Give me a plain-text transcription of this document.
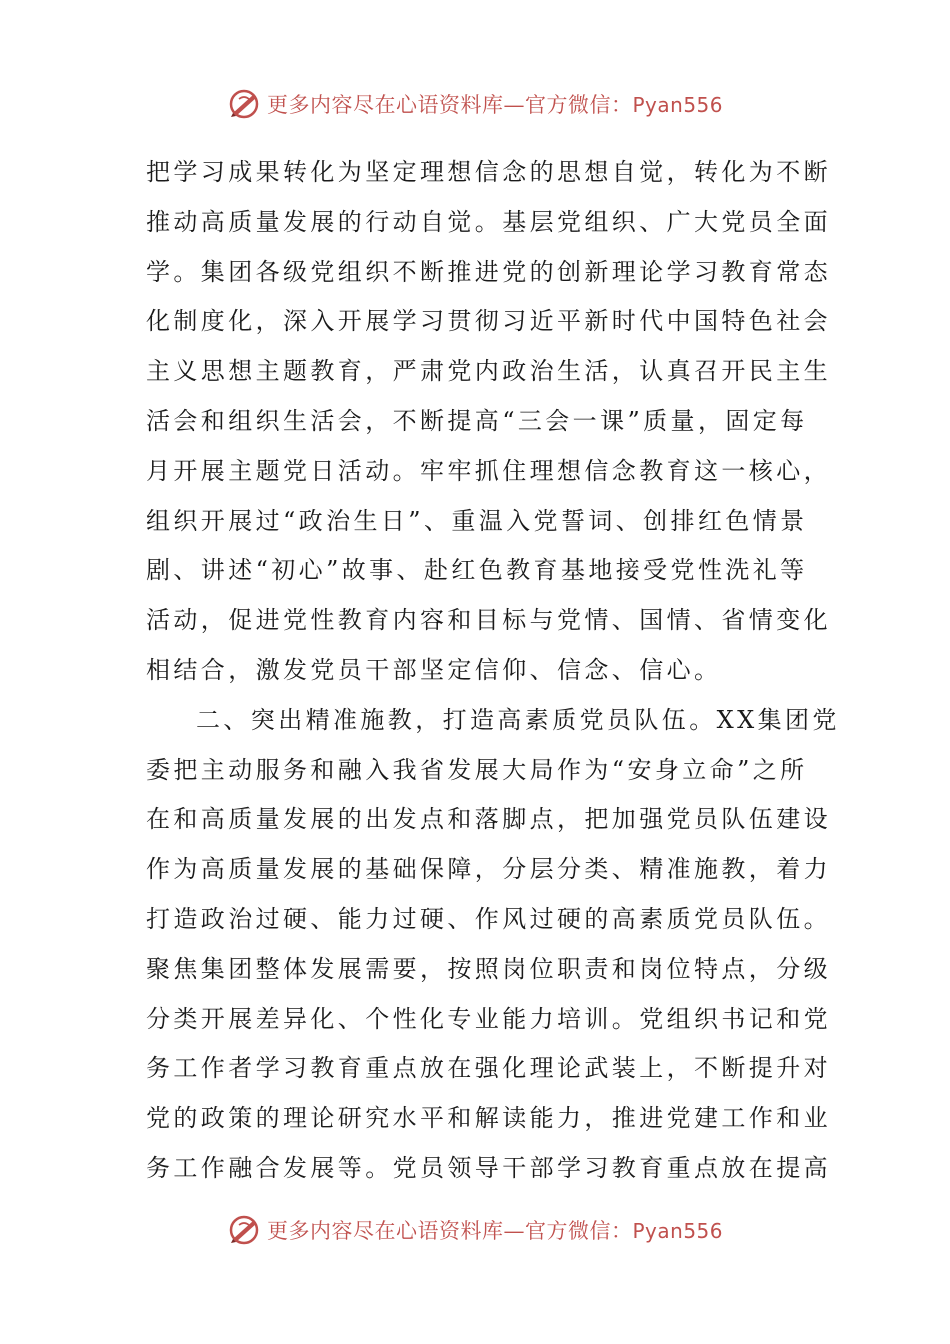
更多内容尽在心语资料库—官方微信：Pyan556
把学习成果转化为坚定理想信念的思想自觉，转化为不断
推动高质量发展的行动自觉。基层党组织、广大党员全面
学。集团各级党组织不断推进党的创新理论学习教育常态
化制度化，深入开展学习贯彻习近平新时代中国特色社会
主义思想主题教育，严肃党内政治生活，认真召开民主生
活会和组织生活会，不断提高“三会一课”质量，固定每
月开展主题党日活动。牢牢抓住理想信念教育这一核心，
组织开展过“政治生日”、重温入党誓词、创排红色情景
剧、讲述“初心”故事、赴红色教育基地接受党性洗礼等
活动，促进党性教育内容和目标与党情、国情、省情变化
相结合，激发党员干部坚定信仰、信念、信心。
二、突出精准施教，打造高素质党员队伍。XX集团党
委把主动服务和融入我省发展大局作为“安身立命”之所
在和高质量发展的出发点和落脚点，把加强党员队伍建设
作为高质量发展的基础保障，分层分类、精准施教，着力
打造政治过硬、能力过硬、作风过硬的高素质党员队伍。
聚焦集团整体发展需要，按照岗位职责和岗位特点，分级
分类开展差异化、个性化专业能力培训。党组织书记和党
务工作者学习教育重点放在强化理论武装上，不断提升对
党的政策的理论研究水平和解读能力，推进党建工作和业
务工作融合发展等。党员领导干部学习教育重点放在提高
更多内容尽在心语资料库—官方微信：Pyan556
